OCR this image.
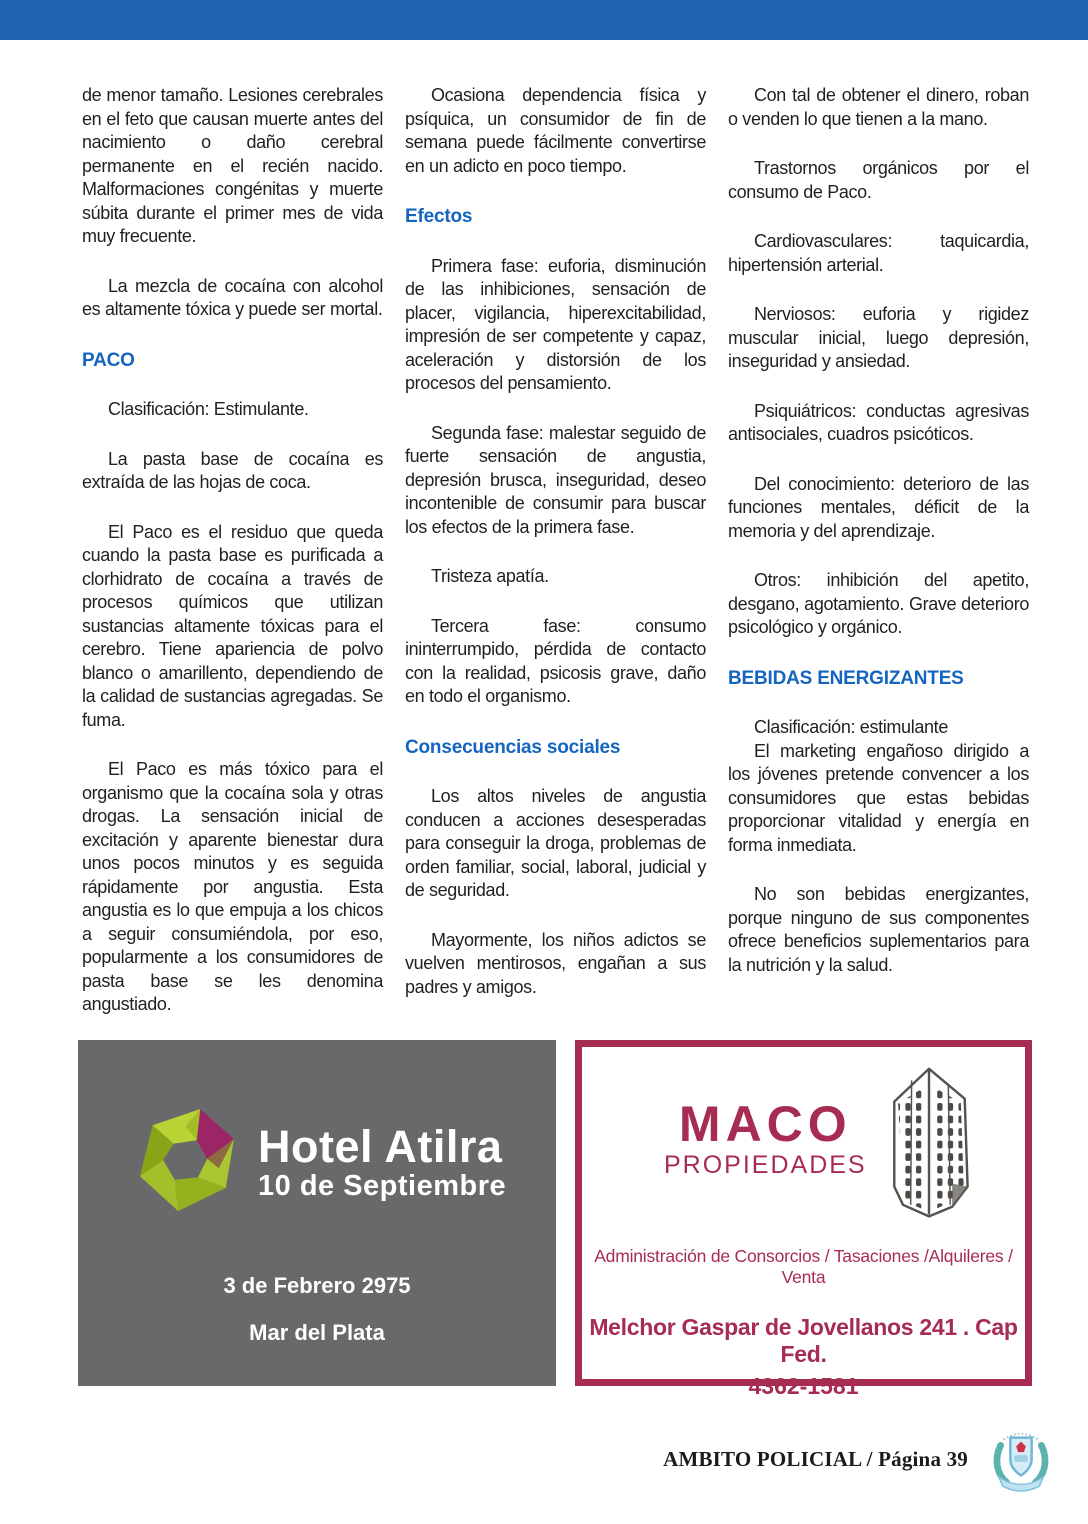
de menor tamaño. Lesiones cerebrales en el feto que causan muerte antes del nacimiento o daño cerebral permanente en el recién nacido. Malformaciones congénitas y muerte súbita durante el primer mes de vida muy frecuente.
La mezcla de cocaína con alcohol es altamente tóxica y puede ser mortal.
PACO
Clasificación: Estimulante.
La pasta base de cocaína es extraída de las hojas de coca.
El Paco es el residuo que queda cuando la pasta base es purificada a clorhidrato de cocaína a través de procesos químicos que utilizan sustancias altamente tóxicas para el cerebro. Tiene apariencia de polvo blanco o amarillento, dependiendo de la calidad de sustancias agregadas. Se fuma.
El Paco es más tóxico para el organismo que la cocaína sola y otras drogas. La sensación inicial de excitación y aparente bienestar dura unos pocos minutos y es seguida rápidamente por angustia. Esta angustia es lo que empuja a los chicos a seguir consumiéndola, por eso, popularmente a los consumidores de pasta base se les denomina angustiado.
Ocasiona dependencia física y psíquica, un consumidor de fin de semana puede fácilmente convertirse en un adicto en poco tiempo.
Efectos
Primera fase: euforia, disminución de las inhibiciones, sensación de placer, vigilancia, hiperexcitabilidad, impresión de ser competente y capaz, aceleración y distorsión de los procesos del pensamiento.
Segunda fase: malestar seguido de fuerte sensación de angustia, depresión brusca, inseguridad, deseo incontenible de consumir para buscar los efectos de la primera fase.
Tristeza apatía.
Tercera fase: consumo ininterrumpido, pérdida de contacto con la realidad, psicosis grave, daño en todo el organismo.
Consecuencias sociales
Los altos niveles de angustia conducen a acciones desesperadas para conseguir la droga, problemas de orden familiar, social, laboral, judicial y de seguridad.
Mayormente, los niños adictos se vuelven mentirosos, engañan a sus padres y amigos.
Con tal de obtener el dinero, roban o venden lo que tienen a la mano.
Trastornos orgánicos por el consumo de Paco.
Cardiovasculares: taquicardia, hipertensión arterial.
Nerviosos: euforia y rigidez muscular inicial, luego depresión, inseguridad y ansiedad.
Psiquiátricos: conductas agresivas antisociales, cuadros psicóticos.
Del conocimiento: deterioro de las funciones mentales, déficit de la memoria y del aprendizaje.
Otros: inhibición del apetito, desgano, agotamiento. Grave deterioro psicológico y orgánico.
BEBIDAS ENERGIZANTES
Clasificación: estimulante
El marketing engañoso dirigido a los jóvenes pretende convencer a los consumidores que estas bebidas proporcionar vitalidad y energía en forma inmediata.
No son bebidas energizantes, porque ninguno de sus componentes ofrece beneficios suplementarios para la nutrición y la salud.
Hotel Atilra
10 de Septiembre
3 de Febrero 2975
Mar del Plata
MACO
PROPIEDADES
Administración de Consorcios / Tasaciones /Alquileres / Venta
Melchor Gaspar de Jovellanos 241 . Cap Fed.
4362-1581
AMBITO POLICIAL / Página 39
